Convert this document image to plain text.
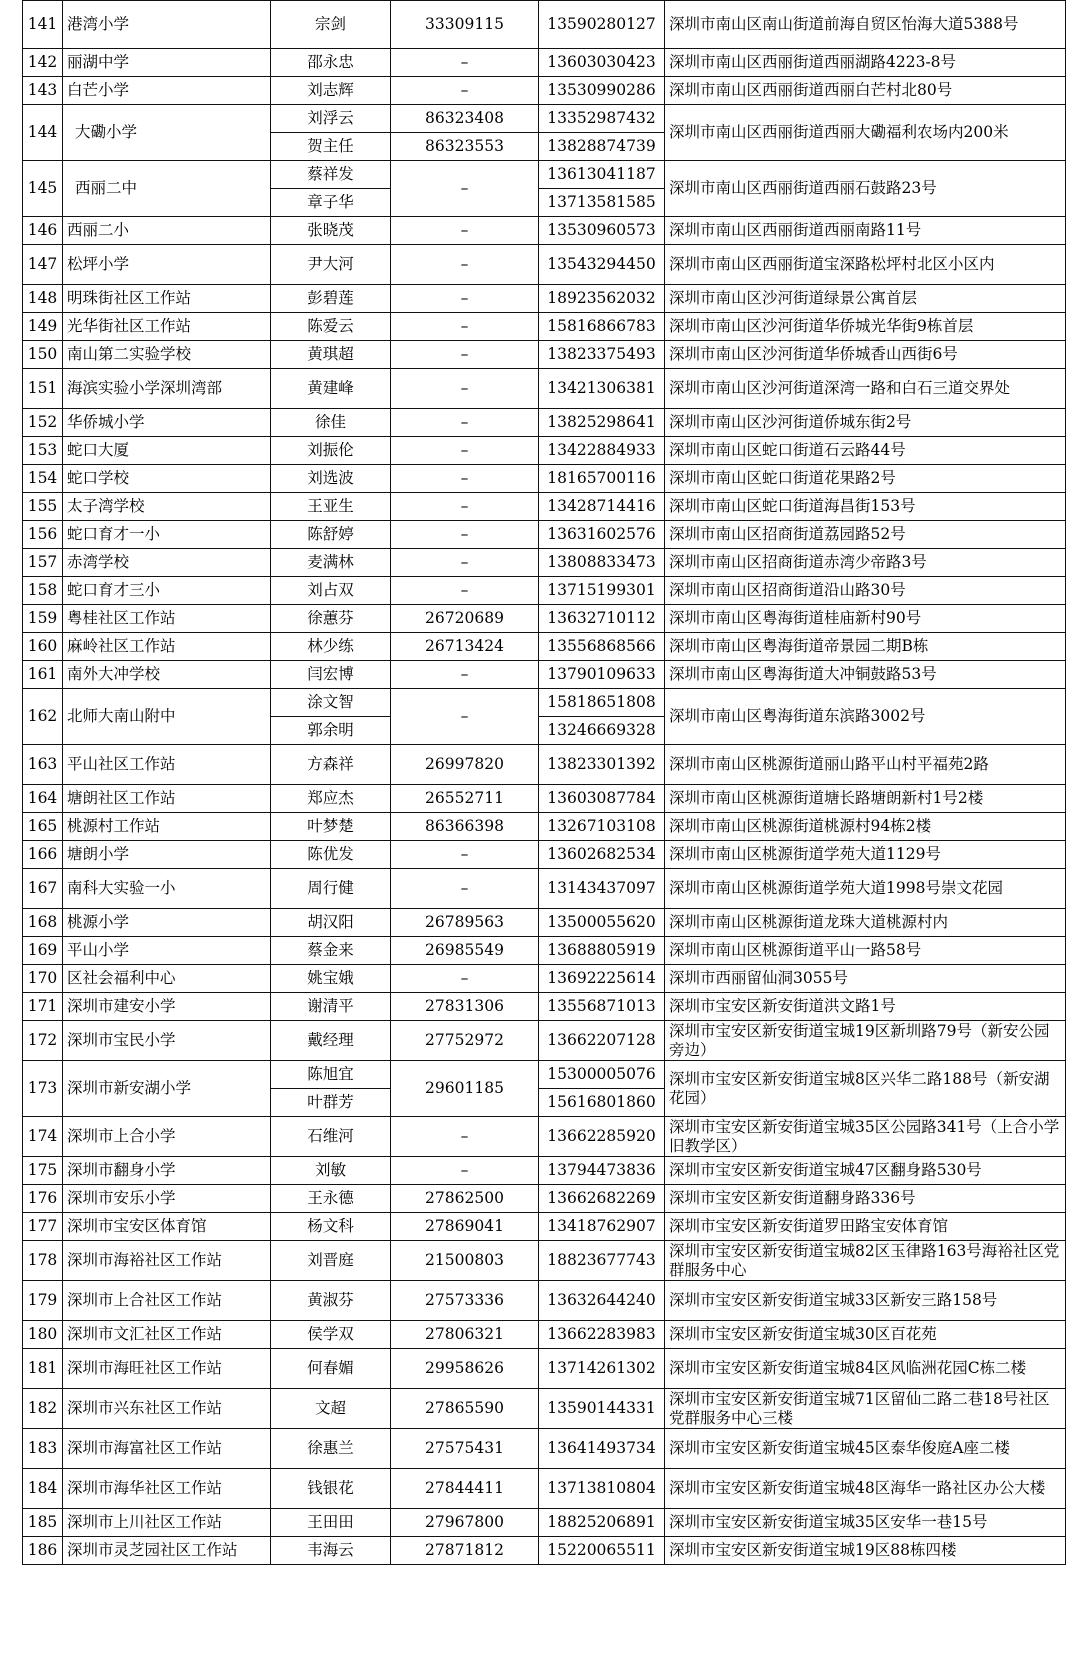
141	港湾小学	宗剑	33309115	13590280127	深圳市南山区南山街道前海自贸区怡海大道5388号
142	丽湖中学	邵永忠	–	13603030423	深圳市南山区西丽街道西丽湖路4223-8号
143	白芒小学	刘志辉	–	13530990286	深圳市南山区西丽街道西丽白芒村北80号
144	大磡小学	刘浮云	86323408	13352987432	深圳市南山区西丽街道西丽大磡福利农场内200米
		贺主任	86323553	13828874739	
145	西丽二中	蔡祥发	–	13613041187	深圳市南山区西丽街道西丽石鼓路23号
		章子华		13713581585	
146	西丽二小	张晓茂	–	13530960573	深圳市南山区西丽街道西丽南路11号
147	松坪小学	尹大河	–	13543294450	深圳市南山区西丽街道宝深路松坪村北区小区内
148	明珠街社区工作站	彭碧莲	–	18923562032	深圳市南山区沙河街道绿景公寓首层
149	光华街社区工作站	陈爱云	–	15816866783	深圳市南山区沙河街道华侨城光华街9栋首层
150	南山第二实验学校	黄琪超	–	13823375493	深圳市南山区沙河街道华侨城香山西街6号
151	海滨实验小学深圳湾部	黄建峰	–	13421306381	深圳市南山区沙河街道深湾一路和白石三道交界处
152	华侨城小学	徐佳	–	13825298641	深圳市南山区沙河街道侨城东街2号
153	蛇口大厦	刘振伦	–	13422884933	深圳市南山区蛇口街道石云路44号
154	蛇口学校	刘选波	–	18165700116	深圳市南山区蛇口街道花果路2号
155	太子湾学校	王亚生	–	13428714416	深圳市南山区蛇口街道海昌街153号
156	蛇口育才一小	陈舒婷	–	13631602576	深圳市南山区招商街道荔园路52号
157	赤湾学校	麦满林	–	13808833473	深圳市南山区招商街道赤湾少帝路3号
158	蛇口育才三小	刘占双	–	13715199301	深圳市南山区招商街道沿山路30号
159	粤桂社区工作站	徐蕙芬	26720689	13632710112	深圳市南山区粤海街道桂庙新村90号
160	麻岭社区工作站	林少练	26713424	13556868566	深圳市南山区粤海街道帝景园二期B栋
161	南外大冲学校	闫宏博	–	13790109633	深圳市南山区粤海街道大冲铜鼓路53号
162	北师大南山附中	涂文智	–	15818651808	深圳市南山区粤海街道东滨路3002号
		郭余明		13246669328	
163	平山社区工作站	方森祥	26997820	13823301392	深圳市南山区桃源街道丽山路平山村平福苑2路
164	塘朗社区工作站	郑应杰	26552711	13603087784	深圳市南山区桃源街道塘长路塘朗新村1号2楼
165	桃源村工作站	叶梦楚	86366398	13267103108	深圳市南山区桃源街道桃源村94栋2楼
166	塘朗小学	陈优发	–	13602682534	深圳市南山区桃源街道学苑大道1129号
167	南科大实验一小	周行健	–	13143437097	深圳市南山区桃源街道学苑大道1998号崇文花园
168	桃源小学	胡汉阳	26789563	13500055620	深圳市南山区桃源街道龙珠大道桃源村内
169	平山小学	蔡金来	26985549	13688805919	深圳市南山区桃源街道平山一路58号
170	区社会福利中心	姚宝娥	–	13692225614	深圳市西丽留仙洞3055号
171	深圳市建安小学	谢清平	27831306	13556871013	深圳市宝安区新安街道洪文路1号
172	深圳市宝民小学	戴经理	27752972	13662207128	深圳市宝安区新安街道宝城19区新圳路79号（新安公园旁边）
173	深圳市新安湖小学	陈旭宜	29601185	15300005076	深圳市宝安区新安街道宝城8区兴华二路188号（新安湖花园）
		叶群芳		15616801860	
174	深圳市上合小学	石维河	–	13662285920	深圳市宝安区新安街道宝城35区公园路341号（上合小学旧教学区）
175	深圳市翻身小学	刘敏	–	13794473836	深圳市宝安区新安街道宝城47区翻身路530号
176	深圳市安乐小学	王永德	27862500	13662682269	深圳市宝安区新安街道翻身路336号
177	深圳市宝安区体育馆	杨文科	27869041	13418762907	深圳市宝安区新安街道罗田路宝安体育馆
178	深圳市海裕社区工作站	刘晋庭	21500803	18823677743	深圳市宝安区新安街道宝城82区玉律路163号海裕社区党群服务中心
179	深圳市上合社区工作站	黄淑芬	27573336	13632644240	深圳市宝安区新安街道宝城33区新安三路158号
180	深圳市文汇社区工作站	侯学双	27806321	13662283983	深圳市宝安区新安街道宝城30区百花苑
181	深圳市海旺社区工作站	何春媚	29958626	13714261302	深圳市宝安区新安街道宝城84区风临洲花园C栋二楼
182	深圳市兴东社区工作站	文超	27865590	13590144331	深圳市宝安区新安街道宝城71区留仙二路二巷18号社区党群服务中心三楼
183	深圳市海富社区工作站	徐惠兰	27575431	13641493734	深圳市宝安区新安街道宝城45区泰华俊庭A座二楼
184	深圳市海华社区工作站	钱银花	27844411	13713810804	深圳市宝安区新安街道宝城48区海华一路社区办公大楼
185	深圳市上川社区工作站	王田田	27967800	18825206891	深圳市宝安区新安街道宝城35区安华一巷15号
186	深圳市灵芝园社区工作站	韦海云	27871812	15220065511	深圳市宝安区新安街道宝城19区88栋四楼
